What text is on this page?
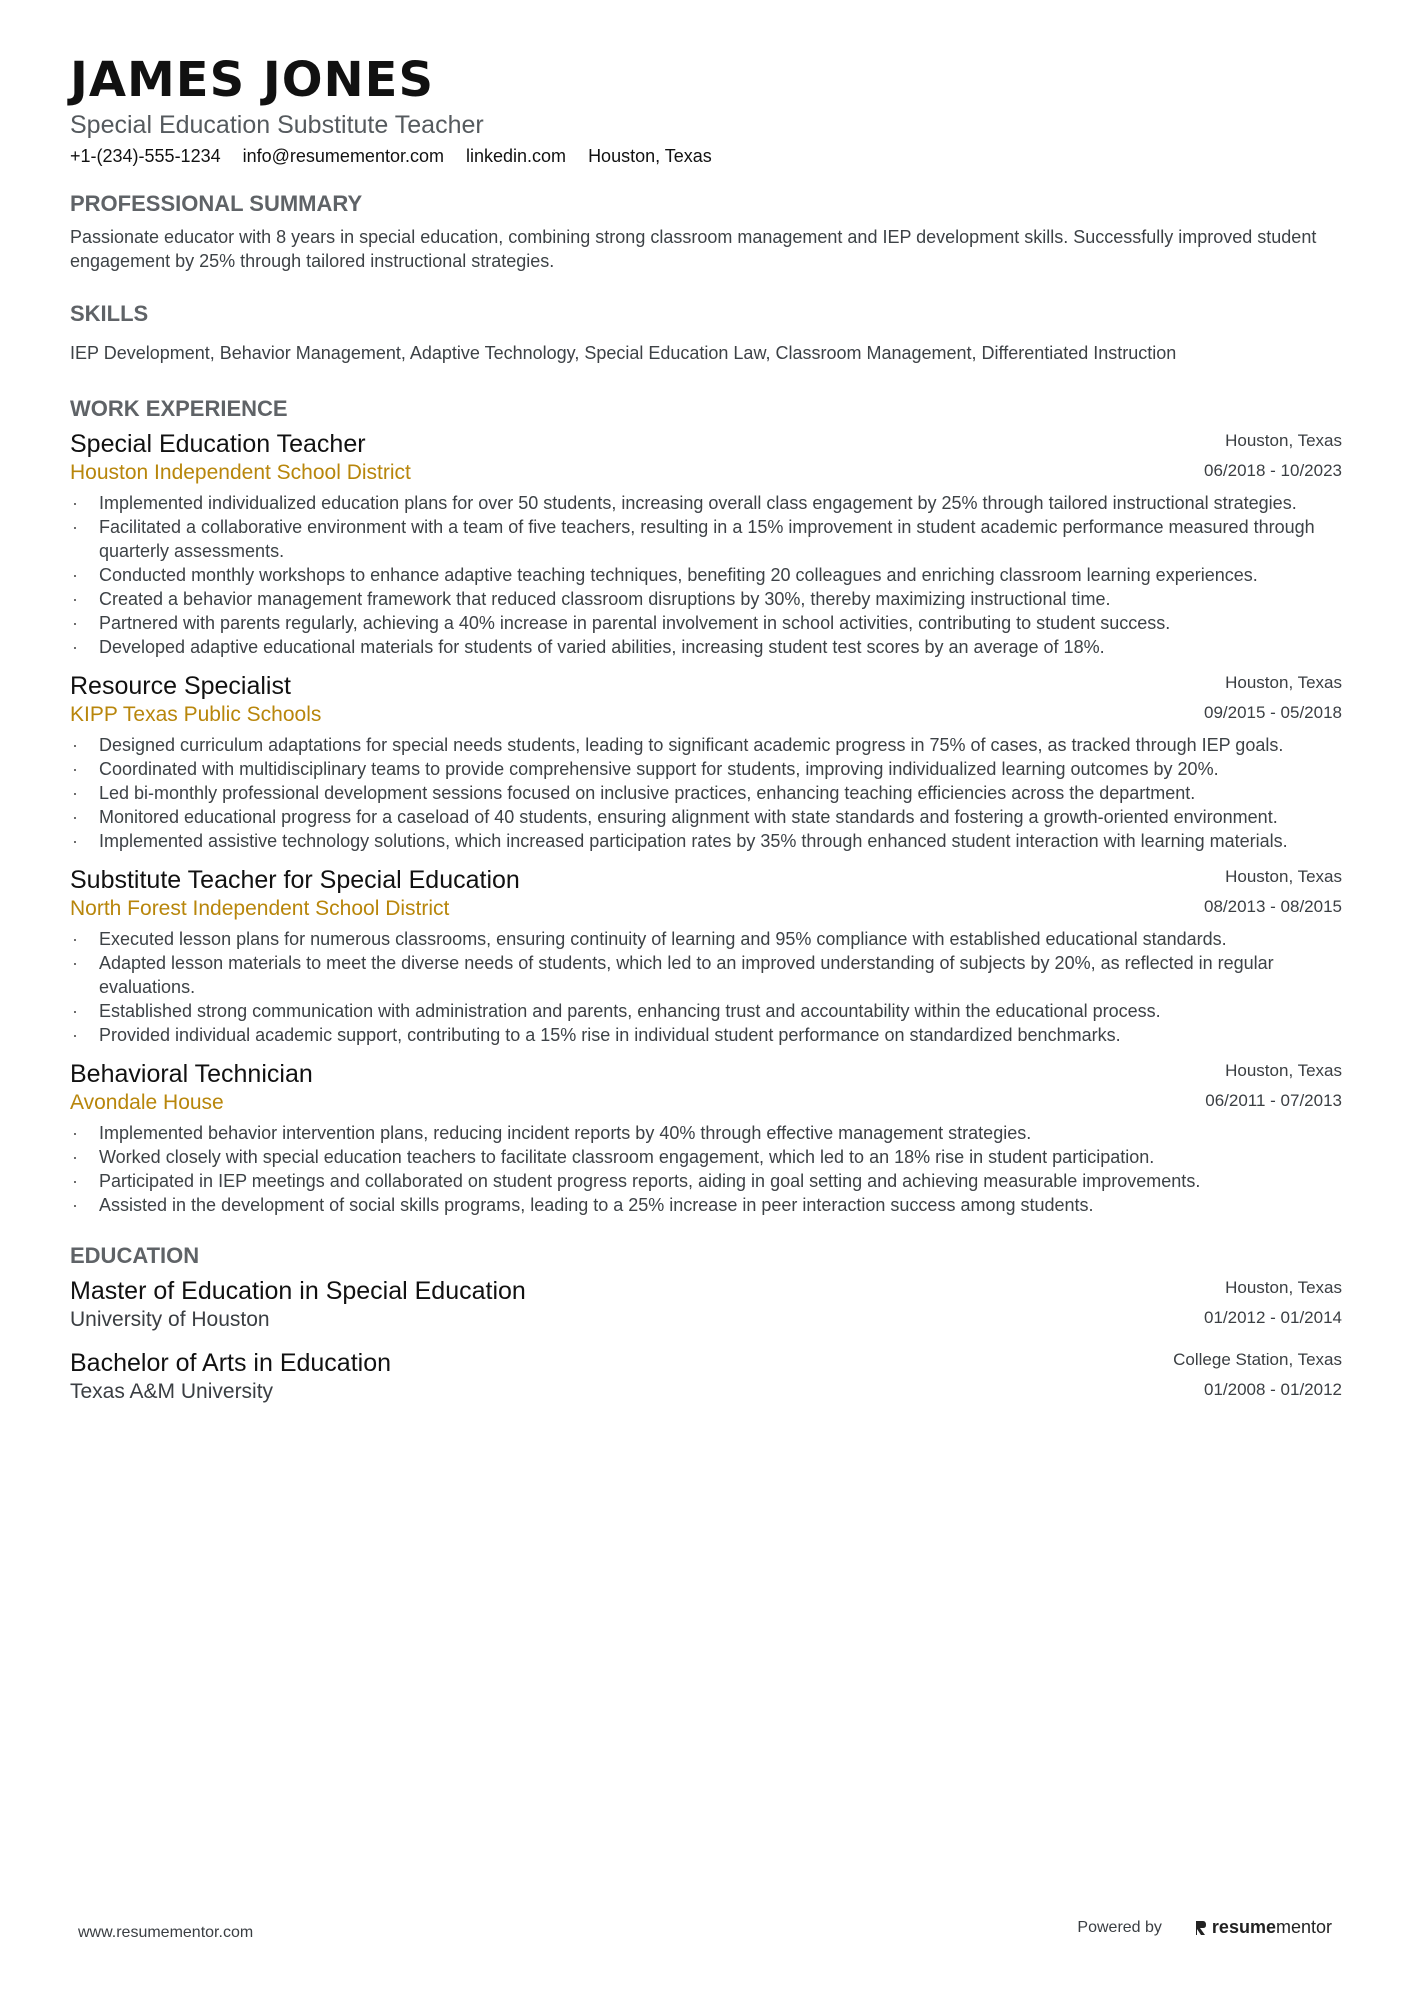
JAMES JONES
Special Education Substitute Teacher
+1-(234)-555-1234 info@resumementor.com linkedin.com Houston, Texas
PROFESSIONAL SUMMARY
Passionate educator with 8 years in special education, combining strong classroom management and IEP development skills. Successfully improved student engagement by 25% through tailored instructional strategies.
SKILLS
IEP Development, Behavior Management, Adaptive Technology, Special Education Law, Classroom Management, Differentiated Instruction
WORK EXPERIENCE
Special Education Teacher
Houston Independent School District
Houston, Texas
06/2018 - 10/2023
· Implemented individualized education plans for over 50 students, increasing overall class engagement by 25% through tailored instructional strategies.
· Facilitated a collaborative environment with a team of five teachers, resulting in a 15% improvement in student academic performance measured through quarterly assessments.
· Conducted monthly workshops to enhance adaptive teaching techniques, benefiting 20 colleagues and enriching classroom learning experiences.
· Created a behavior management framework that reduced classroom disruptions by 30%, thereby maximizing instructional time.
· Partnered with parents regularly, achieving a 40% increase in parental involvement in school activities, contributing to student success.
· Developed adaptive educational materials for students of varied abilities, increasing student test scores by an average of 18%.
Resource Specialist
KIPP Texas Public Schools
Houston, Texas
09/2015 - 05/2018
· Designed curriculum adaptations for special needs students, leading to significant academic progress in 75% of cases, as tracked through IEP goals.
· Coordinated with multidisciplinary teams to provide comprehensive support for students, improving individualized learning outcomes by 20%.
· Led bi-monthly professional development sessions focused on inclusive practices, enhancing teaching efficiencies across the department.
· Monitored educational progress for a caseload of 40 students, ensuring alignment with state standards and fostering a growth-oriented environment.
· Implemented assistive technology solutions, which increased participation rates by 35% through enhanced student interaction with learning materials.
Substitute Teacher for Special Education
North Forest Independent School District
Houston, Texas
08/2013 - 08/2015
· Executed lesson plans for numerous classrooms, ensuring continuity of learning and 95% compliance with established educational standards.
· Adapted lesson materials to meet the diverse needs of students, which led to an improved understanding of subjects by 20%, as reflected in regular evaluations.
· Established strong communication with administration and parents, enhancing trust and accountability within the educational process.
· Provided individual academic support, contributing to a 15% rise in individual student performance on standardized benchmarks.
Behavioral Technician
Avondale House
Houston, Texas
06/2011 - 07/2013
· Implemented behavior intervention plans, reducing incident reports by 40% through effective management strategies.
· Worked closely with special education teachers to facilitate classroom engagement, which led to an 18% rise in student participation.
· Participated in IEP meetings and collaborated on student progress reports, aiding in goal setting and achieving measurable improvements.
· Assisted in the development of social skills programs, leading to a 25% increase in peer interaction success among students.
EDUCATION
Master of Education in Special Education
University of Houston
Houston, Texas
01/2012 - 01/2014
Bachelor of Arts in Education
Texas A&M University
College Station, Texas
01/2008 - 01/2012
www.resumementor.com	Powered by	resume mentor
